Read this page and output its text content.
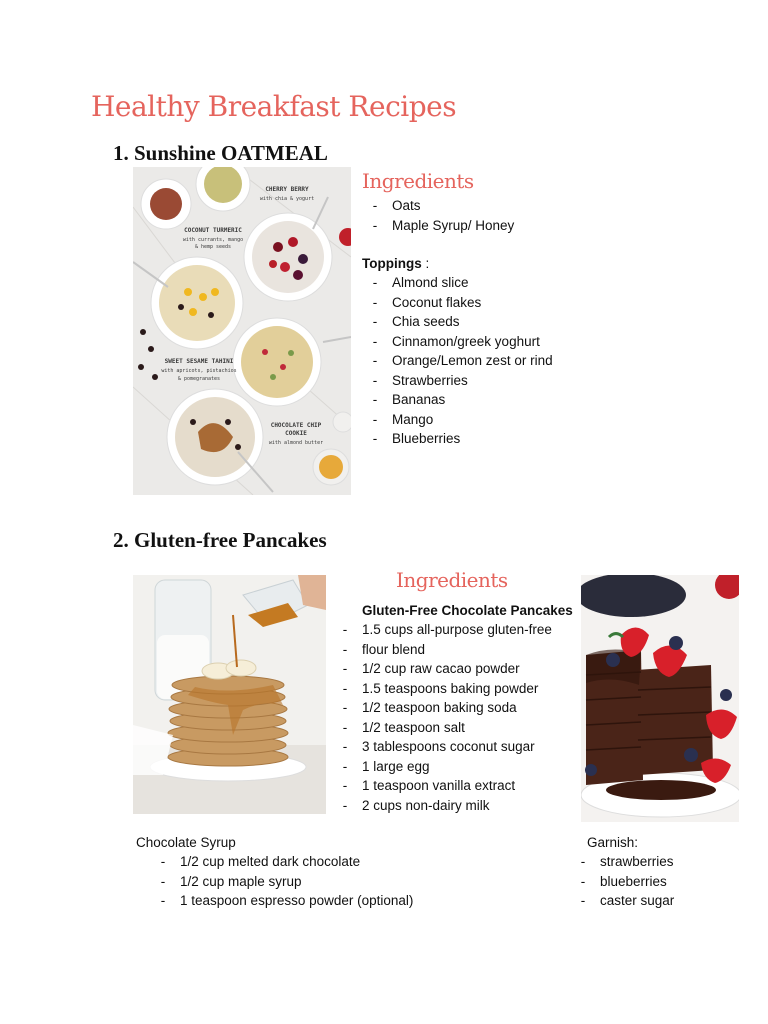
Healthy Breakfast Recipes
1. Sunshine OATMEAL
CHERRY BERRY
with chia & yogurt
COCONUT TURMERIC
with currants, mango
& hemp seeds
SWEET SESAME TAHINI
with apricots, pistachios
& pomegranates
CHOCOLATE CHIP
COOKIE
with almond butter
Ingredients
- Oats
- Maple Syrup/ Honey
Toppings :
- Almond slice
- Coconut flakes
- Chia seeds
- Cinnamon/greek yoghurt
- Orange/Lemon zest or rind
- Strawberries
- Bananas
- Mango
- Blueberries
2. Gluten-free Pancakes
Ingredients
Gluten-Free Chocolate Pancakes
- 1.5 cups all-purpose gluten-free
- flour blend
- 1/2 cup raw cacao powder
- 1.5 teaspoons baking powder
- 1/2 teaspoon baking soda
- 1/2 teaspoon salt
- 3 tablespoons coconut sugar
- 1 large egg
- 1 teaspoon vanilla extract
- 2 cups non-dairy milk
Chocolate Syrup
- 1/2 cup melted dark chocolate
- 1/2 cup maple syrup
- 1 teaspoon espresso powder (optional)
Garnish:
- strawberries
- blueberries
- caster sugar
